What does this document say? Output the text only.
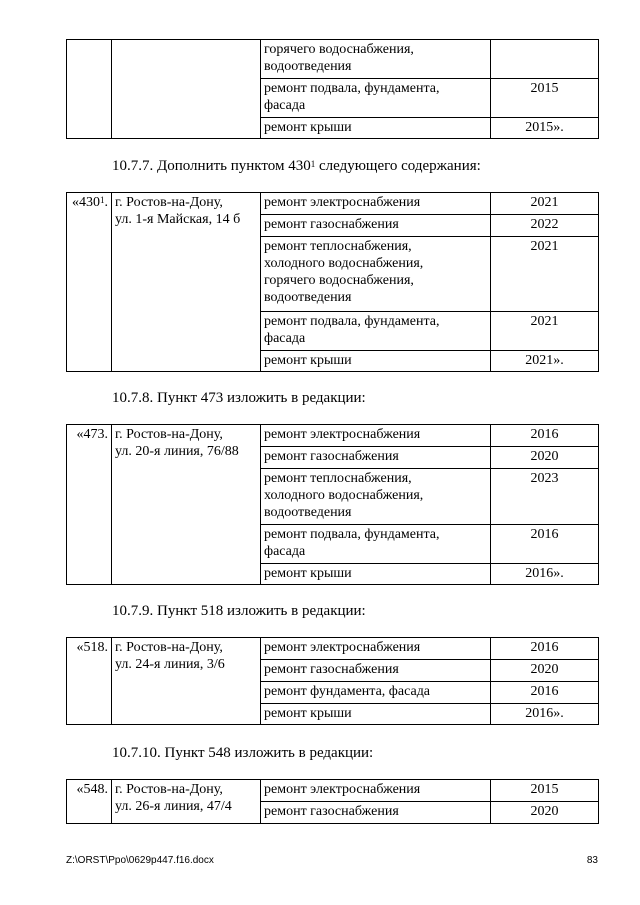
		горячего водоснабжения,
водоотведения	
		ремонт подвала, фундамента,
фасада	2015
		ремонт крыши	2015».
10.7.7. Дополнить пунктом $430^1$ следующего содержания:
«$430^1$.	г. Ростов-на-Дону,
ул. 1-я Майская, 14 б	ремонт электроснабжения	2021
		ремонт газоснабжения	2022
		ремонт теплоснабжения,
холодного водоснабжения,
горячего водоснабжения,
водоотведения	2021
		ремонт подвала, фундамента,
фасада	2021
		ремонт крыши	2021».
10.7.8. Пункт 473 изложить в редакции:
«473.	г. Ростов-на-Дону,
ул. 20-я линия, 76/88	ремонт электроснабжения	2016
		ремонт газоснабжения	2020
		ремонт теплоснабжения,
холодного водоснабжения,
водоотведения	2023
		ремонт подвала, фундамента,
фасада	2016
		ремонт крыши	2016».
10.7.9. Пункт 518 изложить в редакции:
«518.	г. Ростов-на-Дону,
ул. 24-я линия, 3/6	ремонт электроснабжения	2016
		ремонт газоснабжения	2020
		ремонт фундамента, фасада	2016
		ремонт крыши	2016».
10.7.10. Пункт 548 изложить в редакции:
«548.	г. Ростов-на-Дону,
ул. 26-я линия, 47/4	ремонт электроснабжения	2015
		ремонт газоснабжения	2020
Z:\ORST\Ppo\0629p447.f16.docx	83
